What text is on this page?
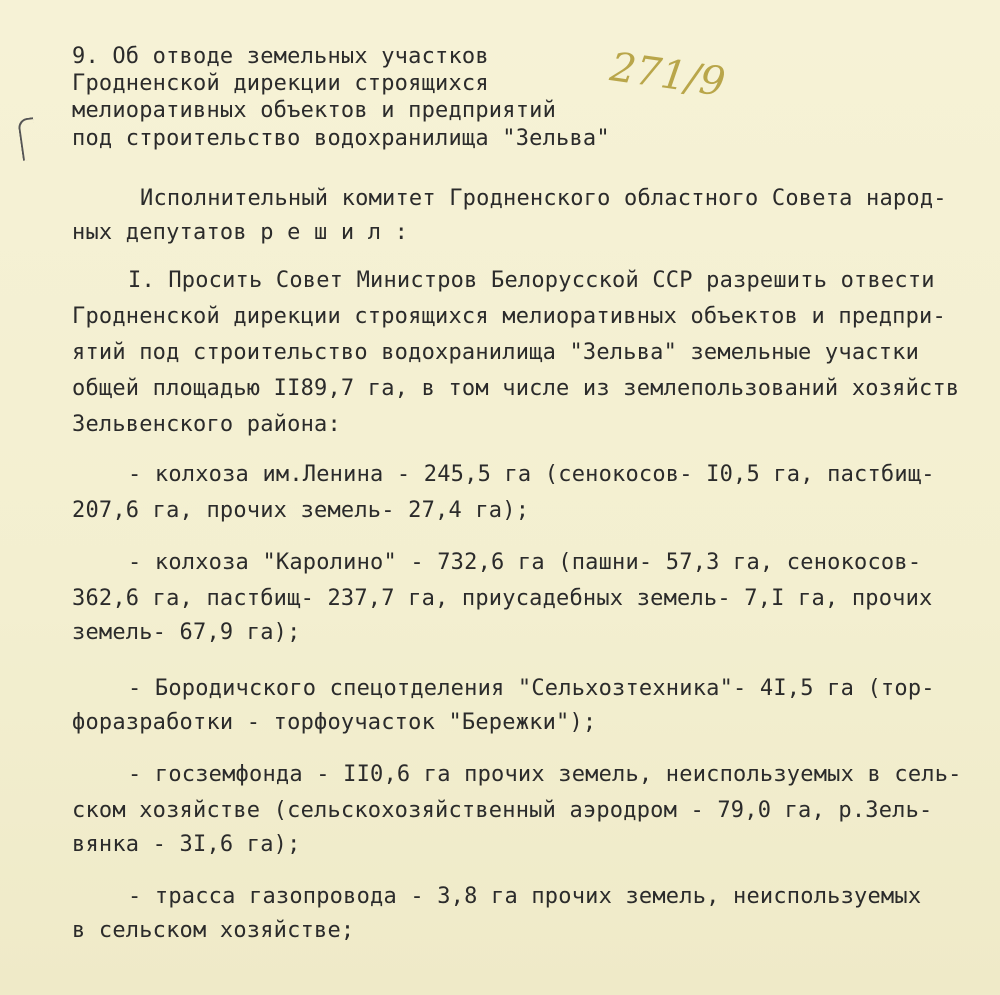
9. Об отводе земельных участков
Гродненской дирекции строящихся
мелиоративных объектов и предприятий
под строительство водохранилища "Зельва"
271/9
Исполнительный комитет Гродненского областного Совета народ-
ных депутатов р е ш и л :
I. Просить Совет Министров Белорусской ССР разрешить отвести
Гродненской дирекции строящихся мелиоративных объектов и предпри-
ятий под строительство водохранилища "Зельва" земельные участки
общей площадью II89,7 га, в том числе из землепользований хозяйств
Зельвенского района:
- колхоза им.Ленина - 245,5 га (сенокосов- I0,5 га, пастбищ-
207,6 га, прочих земель- 27,4 га);
- колхоза "Каролино" - 732,6 га (пашни- 57,3 га, сенокосов-
362,6 га, пастбищ- 237,7 га, приусадебных земель- 7,I га, прочих
земель- 67,9 га);
- Бородичского спецотделения "Сельхозтехника"- 4I,5 га (тор-
форазработки - торфоучасток "Бережки");
- госземфонда - II0,6 га прочих земель, неиспользуемых в сель-
ском хозяйстве (сельскохозяйственный аэродром - 79,0 га, р.Зель-
вянка - 3I,6 га);
- трасса газопровода - 3,8 га прочих земель, неиспользуемых
в сельском хозяйстве;
